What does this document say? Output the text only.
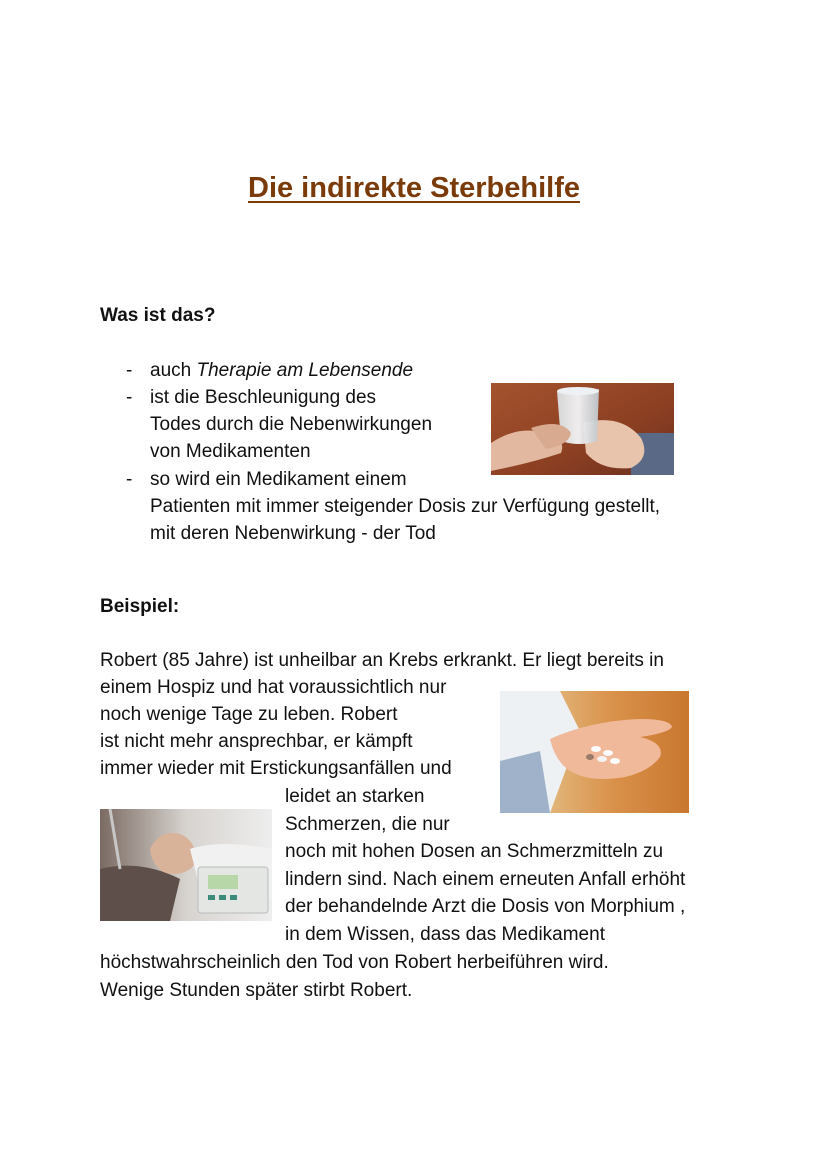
Die indirekte Sterbehilfe
Was ist das?
- auch Therapie am Lebensende
- ist die Beschleunigung des
Todes durch die Nebenwirkungen
von Medikamenten
- so wird ein Medikament einem
Patienten mit immer steigender Dosis zur Verfügung gestellt,
mit deren Nebenwirkung - der Tod
Beispiel:
Robert (85 Jahre) ist unheilbar an Krebs erkrankt. Er liegt bereits in
einem Hospiz und hat voraussichtlich nur
noch wenige Tage zu leben. Robert
ist nicht mehr ansprechbar, er kämpft
immer wieder mit Erstickungsanfällen und
leidet an starken
Schmerzen, die nur
noch mit hohen Dosen an Schmerzmitteln zu
lindern sind. Nach einem erneuten Anfall erhöht
der behandelnde Arzt die Dosis von Morphium ,
in dem Wissen, dass das Medikament
höchstwahrscheinlich den Tod von Robert herbeiführen wird.
Wenige Stunden später stirbt Robert.
